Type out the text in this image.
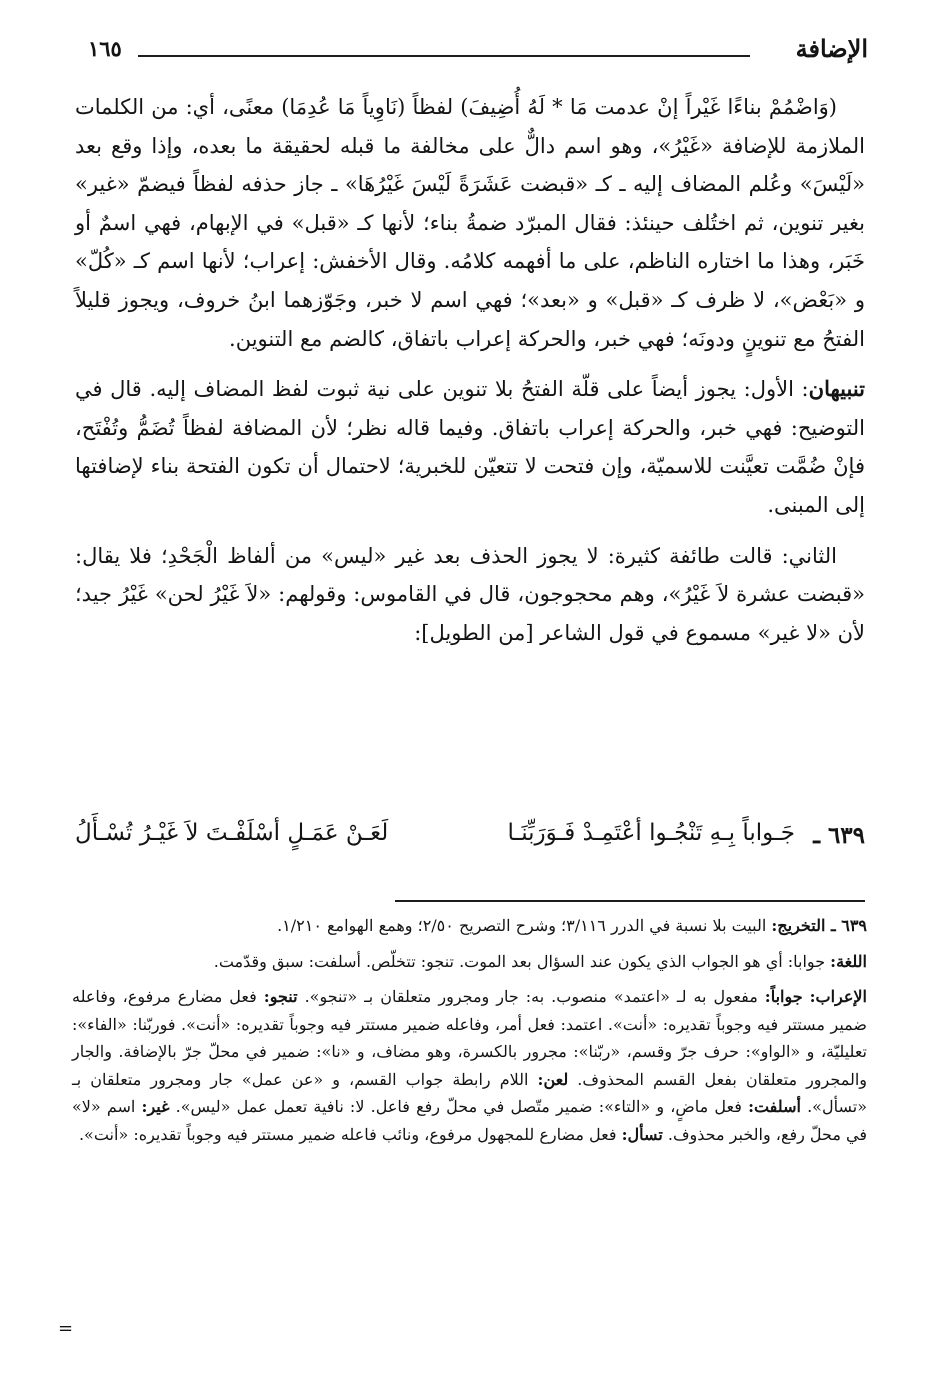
الإضافة
١٦٥

(وَاضْمُمْ بناءًا غَيْراً إنْ عدمت مَا * لَهُ أُضِيفَ) لفظاً (نَاوِياً مَا عُدِمَا) معنًى، أي: من الكلمات الملازمة للإضافة «غَيْرُ»، وهو اسم دالٌّ على مخالفة ما قبله لحقيقة ما بعده، وإذا وقع بعد «لَيْسَ» وعُلم المضاف إليه ـ كـ «قبضت عَشَرَةً لَيْسَ غَيْرُهَا» ـ جاز حذفه لفظاً فيضمّ «غير» بغير تنوين، ثم اختُلف حينئذ: فقال المبرّد ضمةُ بناء؛ لأنها كـ «قبل» في الإبهام، فهي اسمٌ أو خَبَر، وهذا ما اختاره الناظم، على ما أفهمه كلامُه. وقال الأخفش: إعراب؛ لأنها اسم كـ «كُلّ» و «بَعْض»، لا ظرف كـ «قبل» و «بعد»؛ فهي اسم لا خبر، وجَوّزهما ابنُ خروف، ويجوز قليلاً الفتحُ مع تنوينٍ ودونَه؛ فهي خبر، والحركة إعراب باتفاق، كالضم مع التنوين.

تنبيهان: الأول: يجوز أيضاً على قلّة الفتحُ بلا تنوين على نية ثبوت لفظ المضاف إليه. قال في التوضيح: فهي خبر، والحركة إعراب باتفاق. وفيما قاله نظر؛ لأن المضافة لفظاً تُضَمُّ وتُفْتَح، فإنْ ضُمَّت تعيَّنت للاسميّة، وإن فتحت لا تتعيّن للخبرية؛ لاحتمال أن تكون الفتحة بناء لإضافتها إلى المبنى.

الثاني: قالت طائفة كثيرة: لا يجوز الحذف بعد غير «ليس» من ألفاظ الْجَحْدِ؛ فلا يقال: «قبضت عشرة لاَ غَيْرُ»، وهم محجوجون، قال في القاموس: وقولهم: «لاَ غَيْرُ لحن» غَيْرُ جيد؛ لأن «لا غير» مسموع في قول الشاعر [من الطويل]:

٦٣٩ ـ
جَـواباً بِـهِ تَنْجُـوا أعْتَمِـدْ فَـوَرَبِّنَـا
لَعَـنْ عَمَـلٍ أسْلَفْـتَ لاَ غَيْـرُ تُسْـأَلُ

٦٣٩ ـ التخريج: البيت بلا نسبة في الدرر ٣/١١٦؛ وشرح التصريح ٢/٥٠؛ وهمع الهوامع ١/٢١٠.

اللغة: جوابا: أي هو الجواب الذي يكون عند السؤال بعد الموت. تنجو: تتخلّص. أسلفت: سبق وقدّمت.

الإعراب: جواباً: مفعول به لـ «اعتمد» منصوب. به: جار ومجرور متعلقان بـ «تنجو». تنجو: فعل مضارع مرفوع، وفاعله ضمير مستتر فيه وجوباً تقديره: «أنت». اعتمد: فعل أمر، وفاعله ضمير مستتر فيه وجوباً تقديره: «أنت». فوربّنا: «الفاء»: تعليليّة، و «الواو»: حرف جرّ وقسم، «ربّنا»: مجرور بالكسرة، وهو مضاف، و «نا»: ضمير في محلّ جرّ بالإضافة. والجار والمجرور متعلقان بفعل القسم المحذوف. لعن: اللام رابطة جواب القسم، و «عن عمل» جار ومجرور متعلقان بـ «تسأل». أسلفت: فعل ماضٍ، و «التاء»: ضمير متّصل في محلّ رفع فاعل. لا: نافية تعمل عمل «ليس». غير: اسم «لا» في محلّ رفع، والخبر محذوف. تسأل: فعل مضارع للمجهول مرفوع، ونائب فاعله ضمير مستتر فيه وجوباً تقديره: «أنت».

=
